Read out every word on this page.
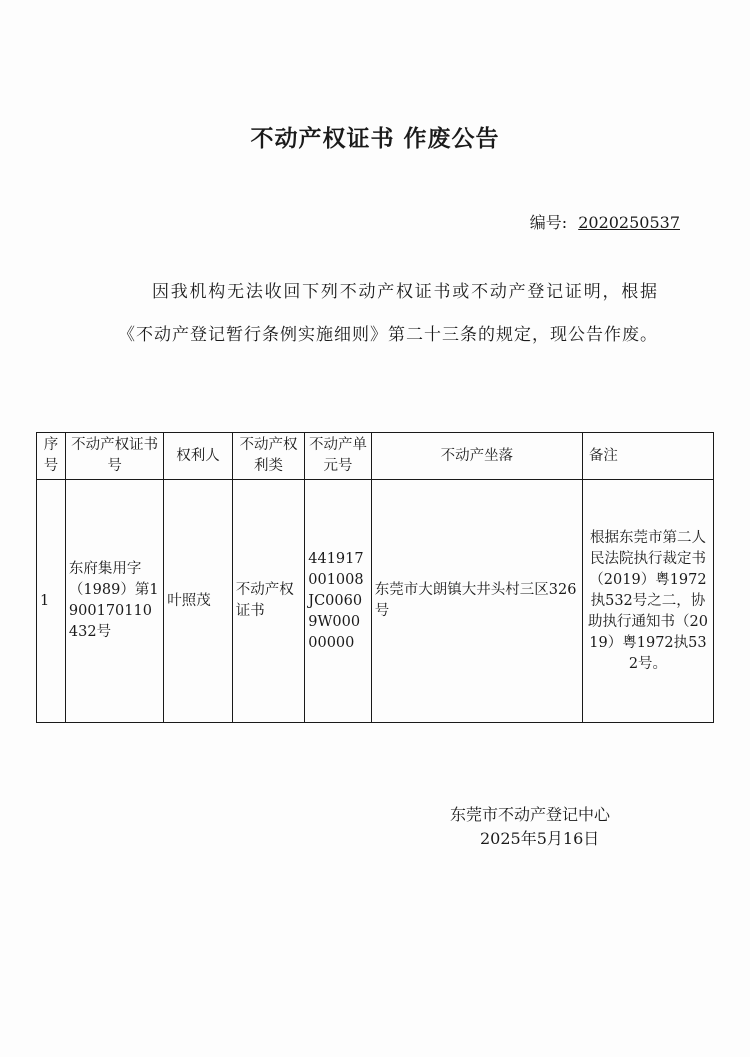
不动产权证书 作废公告
编号: 2020250537

因我机构无法收回下列不动产权证书或不动产登记证明，根据《不动产登记暂行条例实施细则》第二十三条的规定，现公告作废。

序号	不动产权证书号	权利人	不动产权利类	不动产单元号	不动产坐落	备注
1	东府集用字（1989）第1900170110432号	叶照茂	不动产权证书	441917001008JC00609W00000000	东莞市大朗镇大井头村三区326号	根据东莞市第二人民法院执行裁定书（2019）粤1972执532号之二，协助执行通知书（2019）粤1972执532号。
东莞市不动产登记中心
2025年5月16日
